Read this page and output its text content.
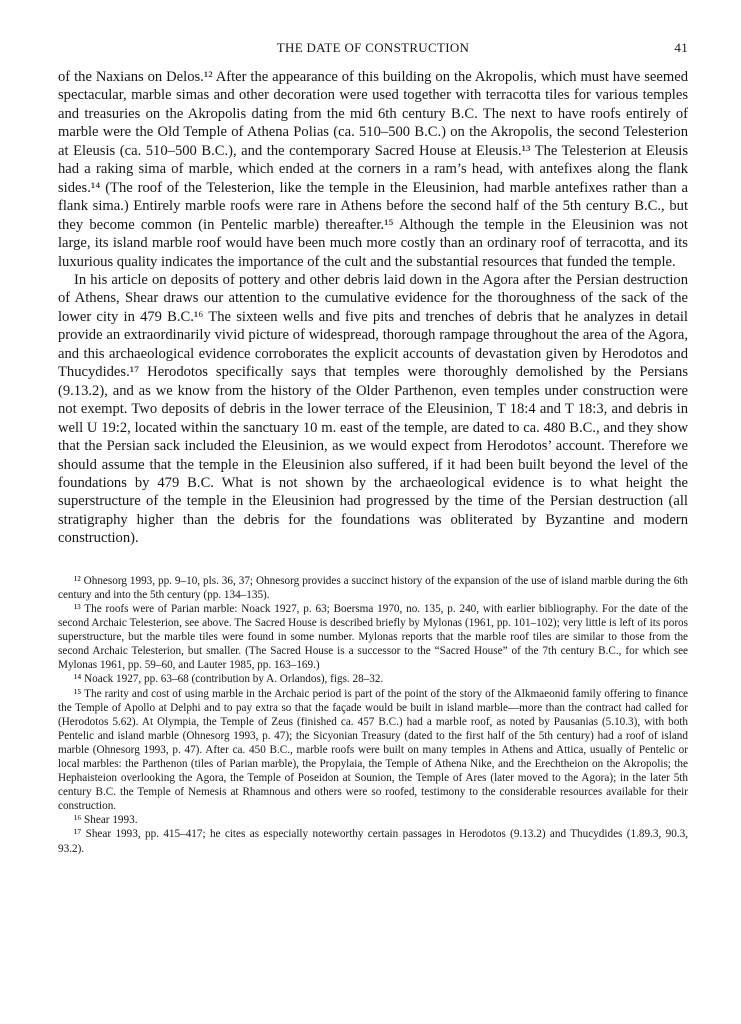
THE DATE OF CONSTRUCTION	41

of the Naxians on Delos.¹² After the appearance of this building on the Akropolis, which must have seemed spectacular, marble simas and other decoration were used together with terracotta tiles for various temples and treasuries on the Akropolis dating from the mid 6th century B.C. The next to have roofs entirely of marble were the Old Temple of Athena Polias (ca. 510–500 B.C.) on the Akropolis, the second Telesterion at Eleusis (ca. 510–500 B.C.), and the contemporary Sacred House at Eleusis.¹³ The Telesterion at Eleusis had a raking sima of marble, which ended at the corners in a ram’s head, with antefixes along the flank sides.¹⁴ (The roof of the Telesterion, like the temple in the Eleusinion, had marble antefixes rather than a flank sima.) Entirely marble roofs were rare in Athens before the second half of the 5th century B.C., but they become common (in Pentelic marble) thereafter.¹⁵ Although the temple in the Eleusinion was not large, its island marble roof would have been much more costly than an ordinary roof of terracotta, and its luxurious quality indicates the importance of the cult and the substantial resources that funded the temple.

In his article on deposits of pottery and other debris laid down in the Agora after the Persian destruction of Athens, Shear draws our attention to the cumulative evidence for the thoroughness of the sack of the lower city in 479 B.C.¹⁶ The sixteen wells and five pits and trenches of debris that he analyzes in detail provide an extraordinarily vivid picture of widespread, thorough rampage throughout the area of the Agora, and this archaeological evidence corroborates the explicit accounts of devastation given by Herodotos and Thucydides.¹⁷ Herodotos specifically says that temples were thoroughly demolished by the Persians (9.13.2), and as we know from the history of the Older Parthenon, even temples under construction were not exempt. Two deposits of debris in the lower terrace of the Eleusinion, T 18:4 and T 18:3, and debris in well U 19:2, located within the sanctuary 10 m. east of the temple, are dated to ca. 480 B.C., and they show that the Persian sack included the Eleusinion, as we would expect from Herodotos’ account. Therefore we should assume that the temple in the Eleusinion also suffered, if it had been built beyond the level of the foundations by 479 B.C. What is not shown by the archaeological evidence is to what height the superstructure of the temple in the Eleusinion had progressed by the time of the Persian destruction (all stratigraphy higher than the debris for the foundations was obliterated by Byzantine and modern construction).

¹² Ohnesorg 1993, pp. 9–10, pls. 36, 37; Ohnesorg provides a succinct history of the expansion of the use of island marble during the 6th century and into the 5th century (pp. 134–135).

¹³ The roofs were of Parian marble: Noack 1927, p. 63; Boersma 1970, no. 135, p. 240, with earlier bibliography. For the date of the second Archaic Telesterion, see above. The Sacred House is described briefly by Mylonas (1961, pp. 101–102); very little is left of its poros superstructure, but the marble tiles were found in some number. Mylonas reports that the marble roof tiles are similar to those from the second Archaic Telesterion, but smaller. (The Sacred House is a successor to the “Sacred House” of the 7th century B.C., for which see Mylonas 1961, pp. 59–60, and Lauter 1985, pp. 163–169.)

¹⁴ Noack 1927, pp. 63–68 (contribution by A. Orlandos), figs. 28–32.

¹⁵ The rarity and cost of using marble in the Archaic period is part of the point of the story of the Alkmaeonid family offering to finance the Temple of Apollo at Delphi and to pay extra so that the façade would be built in island marble—more than the contract had called for (Herodotos 5.62). At Olympia, the Temple of Zeus (finished ca. 457 B.C.) had a marble roof, as noted by Pausanias (5.10.3), with both Pentelic and island marble (Ohnesorg 1993, p. 47); the Sicyonian Treasury (dated to the first half of the 5th century) had a roof of island marble (Ohnesorg 1993, p. 47). After ca. 450 B.C., marble roofs were built on many temples in Athens and Attica, usually of Pentelic or local marbles: the Parthenon (tiles of Parian marble), the Propylaia, the Temple of Athena Nike, and the Erechtheion on the Akropolis; the Hephaisteion overlooking the Agora, the Temple of Poseidon at Sounion, the Temple of Ares (later moved to the Agora); in the later 5th century B.C. the Temple of Nemesis at Rhamnous and others were so roofed, testimony to the considerable resources available for their construction.

¹⁶ Shear 1993.

¹⁷ Shear 1993, pp. 415–417; he cites as especially noteworthy certain passages in Herodotos (9.13.2) and Thucydides (1.89.3, 90.3, 93.2).
